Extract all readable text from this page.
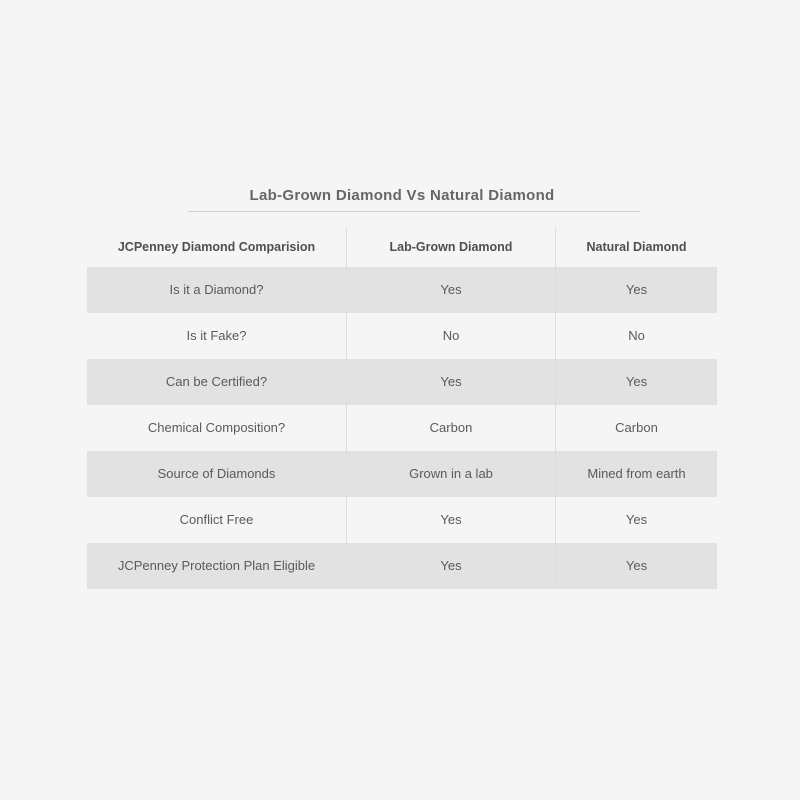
Lab-Grown Diamond Vs Natural Diamond
JCPenney Diamond Comparision	Lab-Grown Diamond	Natural Diamond
Is it a Diamond?	Yes	Yes
Is it Fake?	No	No
Can be Certified?	Yes	Yes
Chemical Composition?	Carbon	Carbon
Source of Diamonds	Grown in a lab	Mined from earth
Conflict Free	Yes	Yes
JCPenney Protection Plan Eligible	Yes	Yes
